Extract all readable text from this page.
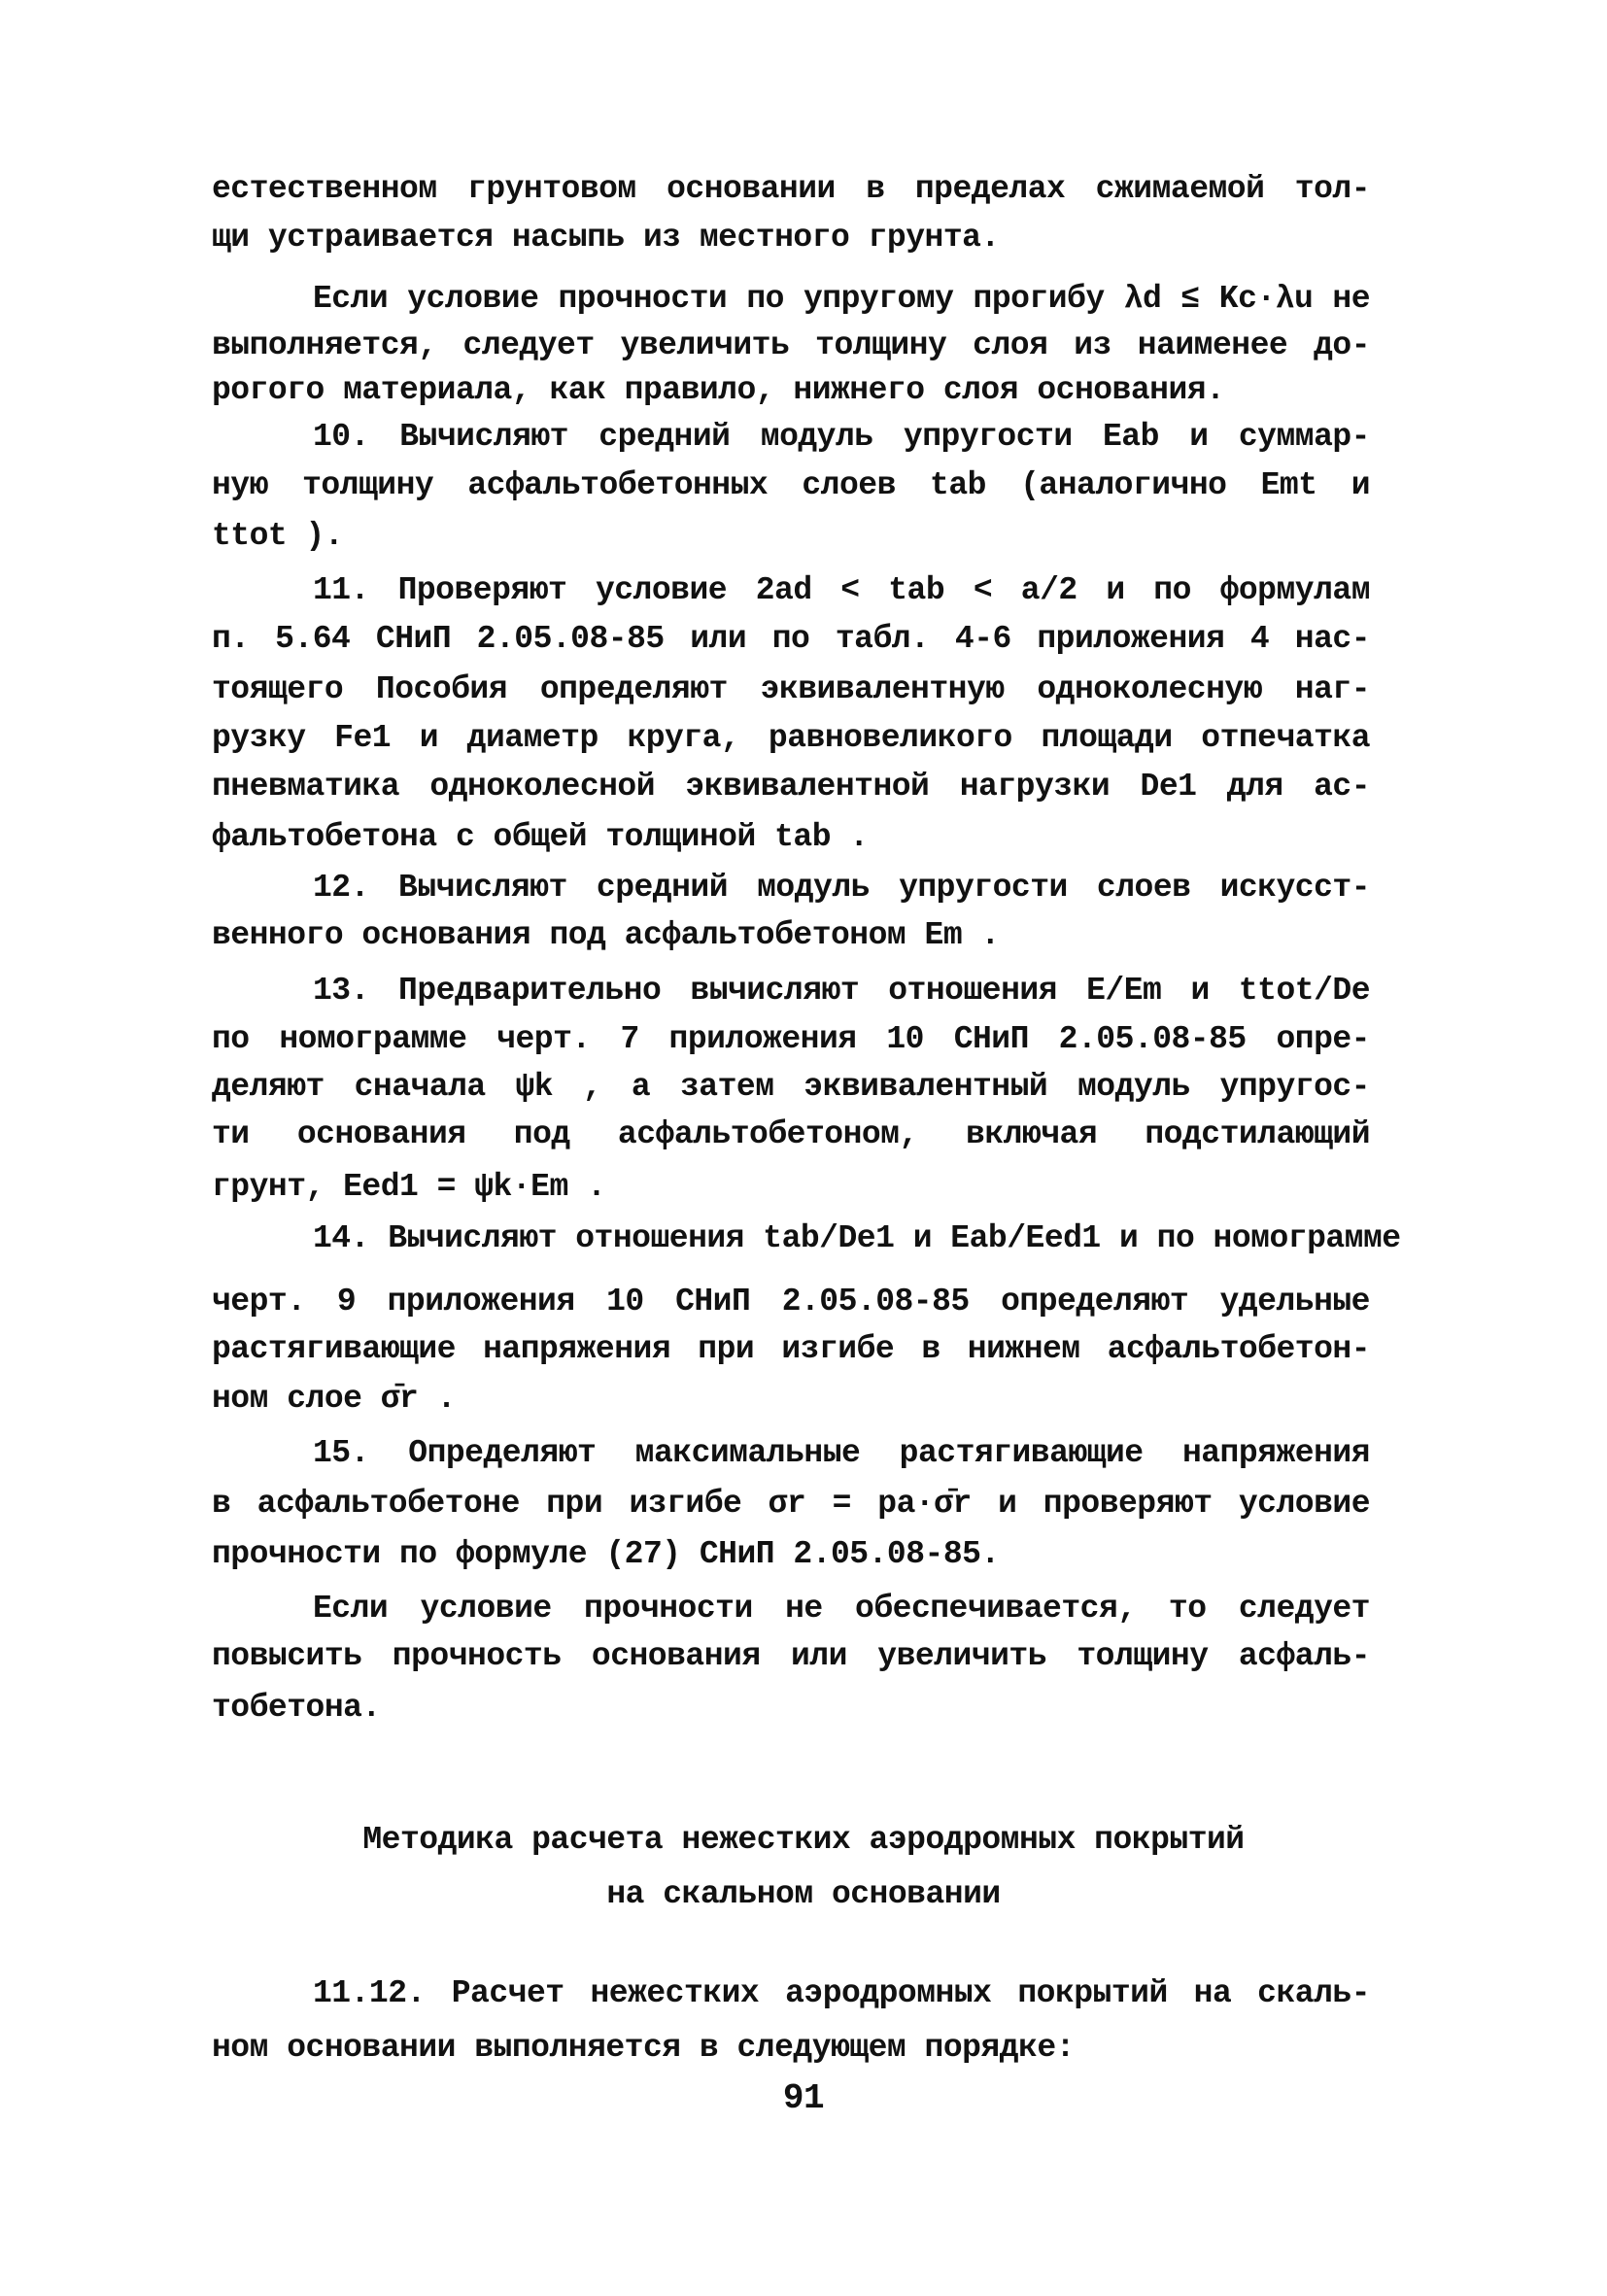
естественном грунтовом основании в пределах сжимаемой тол-
щи устраивается насыпь из местного грунта.
Если условие прочности по упругому прогибу λd ≤ Kc·λu не
выполняется, следует увеличить толщину слоя из наименее до-
рогого материала, как правило, нижнего слоя основания.
10. Вычисляют средний модуль упругости Eab и суммар-
ную толщину асфальтобетонных слоев tab (аналогично Emt и
ttot ).
11. Проверяют условие 2ad < tab < a/2 и по формулам
п. 5.64 СНиП 2.05.08-85 или по табл. 4-6 приложения 4 нас-
тоящего Пособия определяют эквивалентную одноколесную наг-
рузку Fe1 и диаметр круга, равновеликого площади отпечатка
пневматика одноколесной эквивалентной нагрузки De1 для ас-
фальтобетона с общей толщиной tab .
12. Вычисляют средний модуль упругости слоев искусст-
венного основания под асфальтобетоном Em .
13. Предварительно вычисляют отношения E/Em и ttot/De
по номограмме черт. 7 приложения 10 СНиП 2.05.08-85 опре-
деляют сначала ψk , а затем эквивалентный модуль упругос-
ти основания под асфальтобетоном, включая подстилающий
грунт, Eed1 = ψk·Em .
14. Вычисляют отношения tab/De1 и Eab/Eed1 и по номограмме
черт. 9 приложения 10 СНиП 2.05.08-85 определяют удельные
растягивающие напряжения при изгибе в нижнем асфальтобетон-
ном слое σ̄r .
15. Определяют максимальные растягивающие напряжения
в асфальтобетоне при изгибе σr = pa·σ̄r и проверяют условие
прочности по формуле (27) СНиП 2.05.08-85.
Если условие прочности не обеспечивается, то следует
повысить прочность основания или увеличить толщину асфаль-
тобетона.
Методика расчета нежестких аэродромных покрытий
на скальном основании
11.12. Расчет нежестких аэродромных покрытий на скаль-
ном основании выполняется в следующем порядке:
91
